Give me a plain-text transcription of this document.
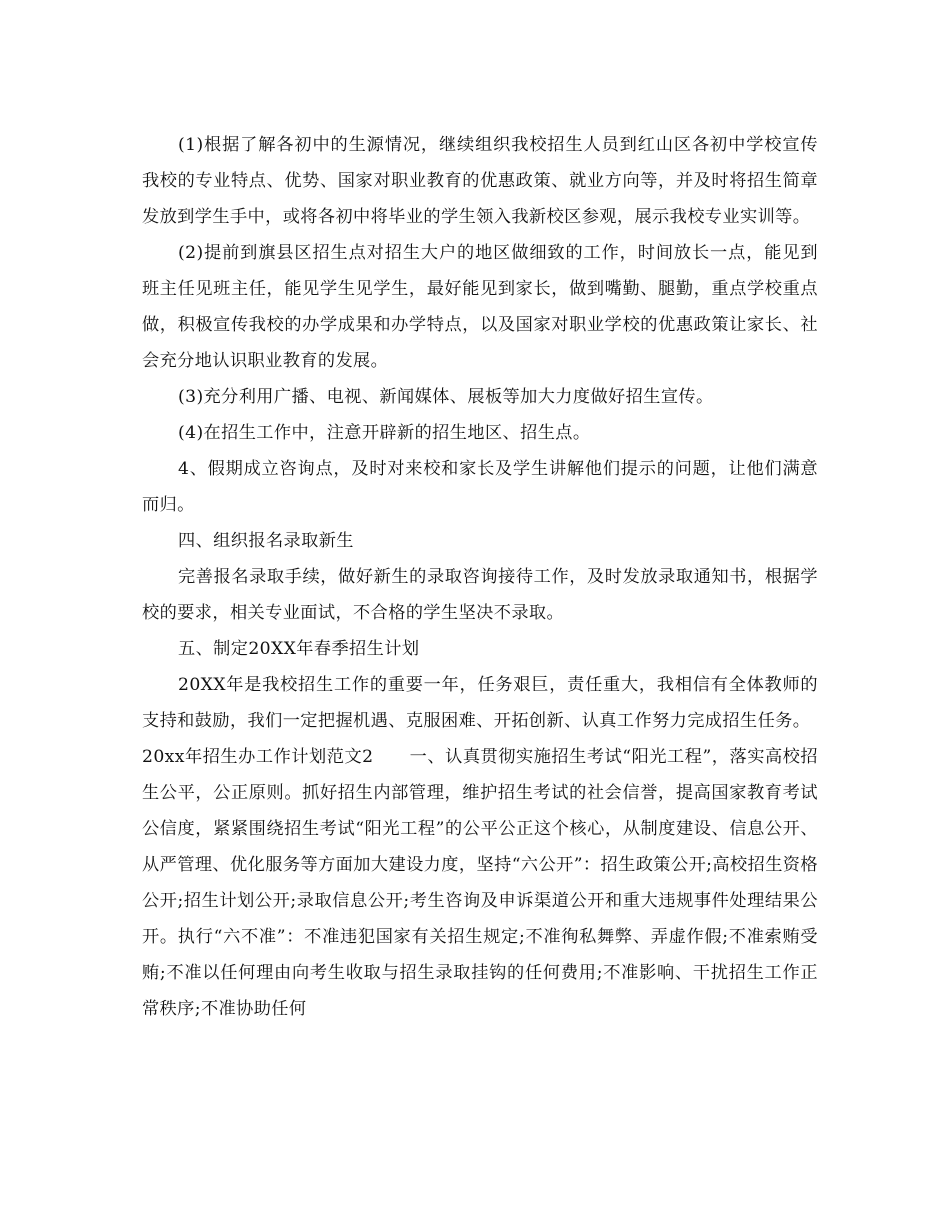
(1)根据了解各初中的生源情况，继续组织我校招生人员到红山区各初中学校宣传我校的专业特点、优势、国家对职业教育的优惠政策、就业方向等，并及时将招生简章发放到学生手中，或将各初中将毕业的学生领入我新校区参观，展示我校专业实训等。

(2)提前到旗县区招生点对招生大户的地区做细致的工作，时间放长一点，能见到班主任见班主任，能见学生见学生，最好能见到家长，做到嘴勤、腿勤，重点学校重点做，积极宣传我校的办学成果和办学特点，以及国家对职业学校的优惠政策让家长、社会充分地认识职业教育的发展。

(3)充分利用广播、电视、新闻媒体、展板等加大力度做好招生宣传。

(4)在招生工作中，注意开辟新的招生地区、招生点。

4、假期成立咨询点，及时对来校和家长及学生讲解他们提示的问题，让他们满意而归。

四、组织报名录取新生

完善报名录取手续，做好新生的录取咨询接待工作，及时发放录取通知书，根据学校的要求，相关专业面试，不合格的学生坚决不录取。

五、制定20XX年春季招生计划

20XX年是我校招生工作的重要一年，任务艰巨，责任重大，我相信有全体教师的支持和鼓励，我们一定把握机遇、克服困难、开拓创新、认真工作努力完成招生任务。

20xx年招生办工作计划范文2 一、认真贯彻实施招生考试“阳光工程”，落实高校招生公平，公正原则。抓好招生内部管理，维护招生考试的社会信誉，提高国家教育考试公信度，紧紧围绕招生考试“阳光工程”的公平公正这个核心，从制度建设、信息公开、从严管理、优化服务等方面加大建设力度，坚持“六公开”：招生政策公开;高校招生资格公开;招生计划公开;录取信息公开;考生咨询及申诉渠道公开和重大违规事件处理结果公开。执行“六不准”：不准违犯国家有关招生规定;不准徇私舞弊、弄虚作假;不准索贿受贿;不准以任何理由向考生收取与招生录取挂钩的任何费用;不准影响、干扰招生工作正常秩序;不准协助任何
